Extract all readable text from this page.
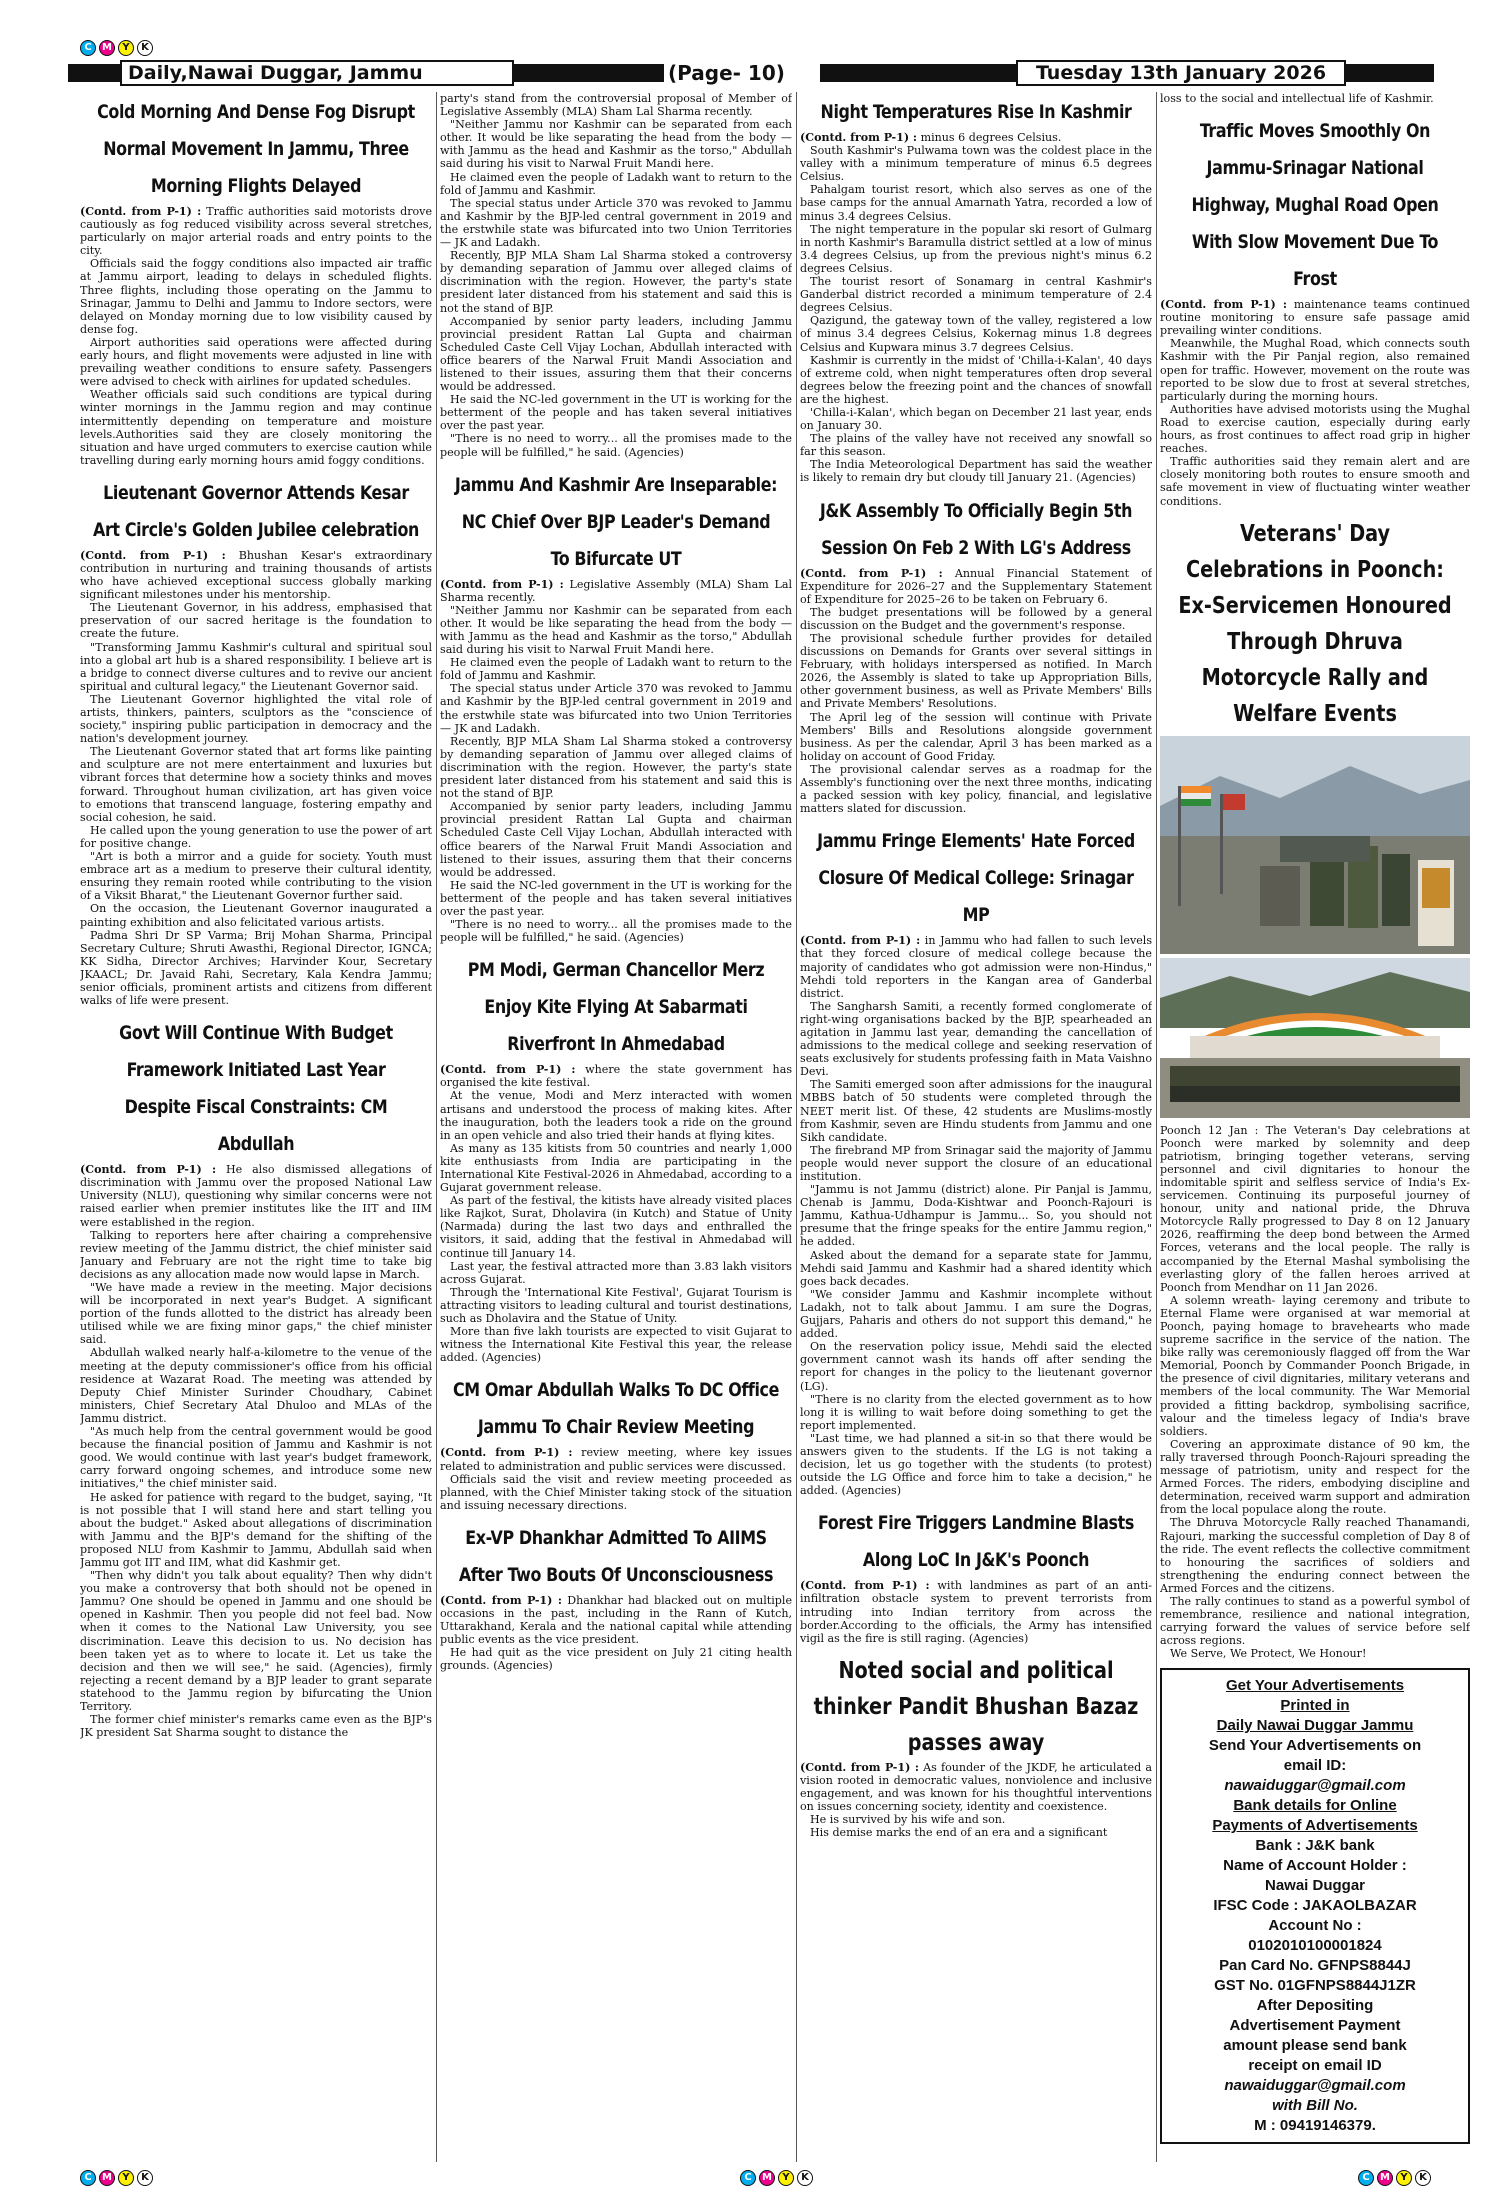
Daily,Nawai Duggar, Jammu	(Page- 10)	Tuesday 13th January 2026
C	M	Y	K
Cold Morning And Dense Fog Disrupt Normal Movement In Jammu, Three Morning Flights Delayed

(Contd. from P-1) : Traffic authorities said motorists drove cautiously as fog reduced visibility across several stretches, particularly on major arterial roads and entry points to the city.

Officials said the foggy conditions also impacted air traffic at Jammu airport, leading to delays in scheduled flights. Three flights, including those operating on the Jammu to Srinagar, Jammu to Delhi and Jammu to Indore sectors, were delayed on Monday morning due to low visibility caused by dense fog.

Airport authorities said operations were affected during early hours, and flight movements were adjusted in line with prevailing weather conditions to ensure safety. Passengers were advised to check with airlines for updated schedules.

Weather officials said such conditions are typical during winter mornings in the Jammu region and may continue intermittently depending on temperature and moisture levels.Authorities said they are closely monitoring the situation and have urged commuters to exercise caution while travelling during early morning hours amid foggy conditions.

Lieutenant Governor Attends Kesar Art Circle's Golden Jubilee celebration

(Contd. from P-1) : Bhushan Kesar's extraordinary contribution in nurturing and training thousands of artists who have achieved exceptional success globally marking significant milestones under his mentorship.

The Lieutenant Governor, in his address, emphasised that preservation of our sacred heritage is the foundation to create the future.

"Transforming Jammu Kashmir's cultural and spiritual soul into a global art hub is a shared responsibility. I believe art is a bridge to connect diverse cultures and to revive our ancient spiritual and cultural legacy," the Lieutenant Governor said.

The Lieutenant Governor highlighted the vital role of artists, thinkers, painters, sculptors as the "conscience of society," inspiring public participation in democracy and the nation's development journey.

The Lieutenant Governor stated that art forms like painting and sculpture are not mere entertainment and luxuries but vibrant forces that determine how a society thinks and moves forward. Throughout human civilization, art has given voice to emotions that transcend language, fostering empathy and social cohesion, he said.

He called upon the young generation to use the power of art for positive change.

"Art is both a mirror and a guide for society. Youth must embrace art as a medium to preserve their cultural identity, ensuring they remain rooted while contributing to the vision of a Viksit Bharat," the Lieutenant Governor further said.

On the occasion, the Lieutenant Governor inaugurated a painting exhibition and also felicitated various artists.

Padma Shri Dr SP Varma; Brij Mohan Sharma, Principal Secretary Culture; Shruti Awasthi, Regional Director, IGNCA; KK Sidha, Director Archives; Harvinder Kour, Secretary JKAACL; Dr. Javaid Rahi, Secretary, Kala Kendra Jammu; senior officials, prominent artists and citizens from different walks of life were present.

Govt Will Continue With Budget Framework Initiated Last Year Despite Fiscal Constraints: CM Abdullah

(Contd. from P-1) : He also dismissed allegations of discrimination with Jammu over the proposed National Law University (NLU), questioning why similar concerns were not raised earlier when premier institutes like the IIT and IIM were established in the region.

Talking to reporters here after chairing a comprehensive review meeting of the Jammu district, the chief minister said January and February are not the right time to take big decisions as any allocation made now would lapse in March.

"We have made a review in the meeting. Major decisions will be incorporated in next year's Budget. A significant portion of the funds allotted to the district has already been utilised while we are fixing minor gaps," the chief minister said.

Abdullah walked nearly half-a-kilometre to the venue of the meeting at the deputy commissioner's office from his official residence at Wazarat Road. The meeting was attended by Deputy Chief Minister Surinder Choudhary, Cabinet ministers, Chief Secretary Atal Dhuloo and MLAs of the Jammu district.

"As much help from the central government would be good because the financial position of Jammu and Kashmir is not good. We would continue with last year's budget framework, carry forward ongoing schemes, and introduce some new initiatives," the chief minister said.

He asked for patience with regard to the budget, saying, "It is not possible that I will stand here and start telling you about the budget." Asked about allegations of discrimination with Jammu and the BJP's demand for the shifting of the proposed NLU from Kashmir to Jammu, Abdullah said when Jammu got IIT and IIM, what did Kashmir get.

"Then why didn't you talk about equality? Then why didn't you make a controversy that both should not be opened in Jammu? One should be opened in Jammu and one should be opened in Kashmir. Then you people did not feel bad. Now when it comes to the National Law University, you see discrimination. Leave this decision to us. No decision has been taken yet as to where to locate it. Let us take the decision and then we will see," he said. (Agencies), firmly rejecting a recent demand by a BJP leader to grant separate statehood to the Jammu region by bifurcating the Union Territory.

The former chief minister's remarks came even as the BJP's JK president Sat Sharma sought to distance the

party's stand from the controversial proposal of Member of Legislative Assembly (MLA) Sham Lal Sharma recently.

"Neither Jammu nor Kashmir can be separated from each other. It would be like separating the head from the body — with Jammu as the head and Kashmir as the torso," Abdullah said during his visit to Narwal Fruit Mandi here.

He claimed even the people of Ladakh want to return to the fold of Jammu and Kashmir.

The special status under Article 370 was revoked to Jammu and Kashmir by the BJP-led central government in 2019 and the erstwhile state was bifurcated into two Union Territories — JK and Ladakh.

Recently, BJP MLA Sham Lal Sharma stoked a controversy by demanding separation of Jammu over alleged claims of discrimination with the region. However, the party's state president later distanced from his statement and said this is not the stand of BJP.

Accompanied by senior party leaders, including Jammu provincial president Rattan Lal Gupta and chairman Scheduled Caste Cell Vijay Lochan, Abdullah interacted with office bearers of the Narwal Fruit Mandi Association and listened to their issues, assuring them that their concerns would be addressed.

He said the NC-led government in the UT is working for the betterment of the people and has taken several initiatives over the past year.

"There is no need to worry... all the promises made to the people will be fulfilled," he said. (Agencies)

Jammu And Kashmir Are Inseparable: NC Chief Over BJP Leader's Demand To Bifurcate UT

(Contd. from P-1) : Legislative Assembly (MLA) Sham Lal Sharma recently.

"Neither Jammu nor Kashmir can be separated from each other. It would be like separating the head from the body — with Jammu as the head and Kashmir as the torso," Abdullah said during his visit to Narwal Fruit Mandi here.

He claimed even the people of Ladakh want to return to the fold of Jammu and Kashmir.

The special status under Article 370 was revoked to Jammu and Kashmir by the BJP-led central government in 2019 and the erstwhile state was bifurcated into two Union Territories — JK and Ladakh.

Recently, BJP MLA Sham Lal Sharma stoked a controversy by demanding separation of Jammu over alleged claims of discrimination with the region. However, the party's state president later distanced from his statement and said this is not the stand of BJP.

Accompanied by senior party leaders, including Jammu provincial president Rattan Lal Gupta and chairman Scheduled Caste Cell Vijay Lochan, Abdullah interacted with office bearers of the Narwal Fruit Mandi Association and listened to their issues, assuring them that their concerns would be addressed.

He said the NC-led government in the UT is working for the betterment of the people and has taken several initiatives over the past year.

"There is no need to worry... all the promises made to the people will be fulfilled," he said. (Agencies)

PM Modi, German Chancellor Merz Enjoy Kite Flying At Sabarmati Riverfront In Ahmedabad

(Contd. from P-1) : where the state government has organised the kite festival.

At the venue, Modi and Merz interacted with women artisans and understood the process of making kites. After the inauguration, both the leaders took a ride on the ground in an open vehicle and also tried their hands at flying kites.

As many as 135 kitists from 50 countries and nearly 1,000 kite enthusiasts from India are participating in the International Kite Festival-2026 in Ahmedabad, according to a Gujarat government release.

As part of the festival, the kitists have already visited places like Rajkot, Surat, Dholavira (in Kutch) and Statue of Unity (Narmada) during the last two days and enthralled the visitors, it said, adding that the festival in Ahmedabad will continue till January 14.

Last year, the festival attracted more than 3.83 lakh visitors across Gujarat.

Through the 'International Kite Festival', Gujarat Tourism is attracting visitors to leading cultural and tourist destinations, such as Dholavira and the Statue of Unity.

More than five lakh tourists are expected to visit Gujarat to witness the International Kite Festival this year, the release added. (Agencies)

CM Omar Abdullah Walks To DC Office Jammu To Chair Review Meeting

(Contd. from P-1) : review meeting, where key issues related to administration and public services were discussed.

Officials said the visit and review meeting proceeded as planned, with the Chief Minister taking stock of the situation and issuing necessary directions.

Ex-VP Dhankhar Admitted To AIIMS After Two Bouts Of Unconsciousness

(Contd. from P-1) : Dhankhar had blacked out on multiple occasions in the past, including in the Rann of Kutch, Uttarakhand, Kerala and the national capital while attending public events as the vice president.

He had quit as the vice president on July 21 citing health grounds. (Agencies)

Night Temperatures Rise In Kashmir

(Contd. from P-1) : minus 6 degrees Celsius.

South Kashmir's Pulwama town was the coldest place in the valley with a minimum temperature of minus 6.5 degrees Celsius.

Pahalgam tourist resort, which also serves as one of the base camps for the annual Amarnath Yatra, recorded a low of minus 3.4 degrees Celsius.

The night temperature in the popular ski resort of Gulmarg in north Kashmir's Baramulla district settled at a low of minus 3.4 degrees Celsius, up from the previous night's minus 6.2 degrees Celsius.

The tourist resort of Sonamarg in central Kashmir's Ganderbal district recorded a minimum temperature of 2.4 degrees Celsius.

Qazigund, the gateway town of the valley, registered a low of minus 3.4 degrees Celsius, Kokernag minus 1.8 degrees Celsius and Kupwara minus 3.7 degrees Celsius.

Kashmir is currently in the midst of 'Chilla-i-Kalan', 40 days of extreme cold, when night temperatures often drop several degrees below the freezing point and the chances of snowfall are the highest.

'Chilla-i-Kalan', which began on December 21 last year, ends on January 30.

The plains of the valley have not received any snowfall so far this season.

The India Meteorological Department has said the weather is likely to remain dry but cloudy till January 21. (Agencies)

J&K Assembly To Officially Begin 5th Session On Feb 2 With LG's Address

(Contd. from P-1) : Annual Financial Statement of Expenditure for 2026–27 and the Supplementary Statement of Expenditure for 2025–26 to be taken on February 6.

The budget presentations will be followed by a general discussion on the Budget and the government's response.

The provisional schedule further provides for detailed discussions on Demands for Grants over several sittings in February, with holidays interspersed as notified. In March 2026, the Assembly is slated to take up Appropriation Bills, other government business, as well as Private Members' Bills and Private Members' Resolutions.

The April leg of the session will continue with Private Members' Bills and Resolutions alongside government business. As per the calendar, April 3 has been marked as a holiday on account of Good Friday.

The provisional calendar serves as a roadmap for the Assembly's functioning over the next three months, indicating a packed session with key policy, financial, and legislative matters slated for discussion.

Jammu Fringe Elements' Hate Forced Closure Of Medical College: Srinagar MP

(Contd. from P-1) : in Jammu who had fallen to such levels that they forced closure of medical college because the majority of candidates who got admission were non-Hindus," Mehdi told reporters in the Kangan area of Ganderbal district.

The Sangharsh Samiti, a recently formed conglomerate of right-wing organisations backed by the BJP, spearheaded an agitation in Jammu last year, demanding the cancellation of admissions to the medical college and seeking reservation of seats exclusively for students professing faith in Mata Vaishno Devi.

The Samiti emerged soon after admissions for the inaugural MBBS batch of 50 students were completed through the NEET merit list. Of these, 42 students are Muslims-mostly from Kashmir, seven are Hindu students from Jammu and one Sikh candidate.

The firebrand MP from Srinagar said the majority of Jammu people would never support the closure of an educational institution.

"Jammu is not Jammu (district) alone. Pir Panjal is Jammu, Chenab is Jammu, Doda-Kishtwar and Poonch-Rajouri is Jammu, Kathua-Udhampur is Jammu... So, you should not presume that the fringe speaks for the entire Jammu region," he added.

Asked about the demand for a separate state for Jammu, Mehdi said Jammu and Kashmir had a shared identity which goes back decades.

"We consider Jammu and Kashmir incomplete without Ladakh, not to talk about Jammu. I am sure the Dogras, Gujjars, Paharis and others do not support this demand," he added.

On the reservation policy issue, Mehdi said the elected government cannot wash its hands off after sending the report for changes in the policy to the lieutenant governor (LG).

"There is no clarity from the elected government as to how long it is willing to wait before doing something to get the report implemented.

"Last time, we had planned a sit-in so that there would be answers given to the students. If the LG is not taking a decision, let us go together with the students (to protest) outside the LG Office and force him to take a decision," he added. (Agencies)

Forest Fire Triggers Landmine Blasts Along LoC In J&K's Poonch

(Contd. from P-1) : with landmines as part of an anti-infiltration obstacle system to prevent terrorists from intruding into Indian territory from across the border.According to the officials, the Army has intensified vigil as the fire is still raging. (Agencies)

Noted social and political thinker Pandit Bhushan Bazaz passes away

(Contd. from P-1) : As founder of the JKDF, he articulated a vision rooted in democratic values, nonviolence and inclusive engagement, and was known for his thoughtful interventions on issues concerning society, identity and coexistence.

He is survived by his wife and son.

His demise marks the end of an era and a significant

loss to the social and intellectual life of Kashmir.

Traffic Moves Smoothly On Jammu-Srinagar National Highway, Mughal Road Open With Slow Movement Due To Frost

(Contd. from P-1) : maintenance teams continued routine monitoring to ensure safe passage amid prevailing winter conditions.

Meanwhile, the Mughal Road, which connects south Kashmir with the Pir Panjal region, also remained open for traffic. However, movement on the route was reported to be slow due to frost at several stretches, particularly during the morning hours.

Authorities have advised motorists using the Mughal Road to exercise caution, especially during early hours, as frost continues to affect road grip in higher reaches.

Traffic authorities said they remain alert and are closely monitoring both routes to ensure smooth and safe movement in view of fluctuating winter weather conditions.

Veterans' Day Celebrations in Poonch: Ex-Servicemen Honoured Through Dhruva Motorcycle Rally and Welfare Events

Poonch 12 Jan : The Veteran's Day celebrations at Poonch were marked by solemnity and deep patriotism, bringing together veterans, serving personnel and civil dignitaries to honour the indomitable spirit and selfless service of India's Ex-servicemen. Continuing its purposeful journey of honour, unity and national pride, the Dhruva Motorcycle Rally progressed to Day 8 on 12 January 2026, reaffirming the deep bond between the Armed Forces, veterans and the local people. The rally is accompanied by the Eternal Mashal symbolising the everlasting glory of the fallen heroes arrived at Poonch from Mendhar on 11 Jan 2026.

A solemn wreath- laying ceremony and tribute to Eternal Flame were organised at war memorial at Poonch, paying homage to bravehearts who made supreme sacrifice in the service of the nation. The bike rally was ceremoniously flagged off from the War Memorial, Poonch by Commander Poonch Brigade, in the presence of civil dignitaries, military veterans and members of the local community. The War Memorial provided a fitting backdrop, symbolising sacrifice, valour and the timeless legacy of India's brave soldiers.

Covering an approximate distance of 90 km, the rally traversed through Poonch-Rajouri spreading the message of patriotism, unity and respect for the Armed Forces. The riders, embodying discipline and determination, received warm support and admiration from the local populace along the route.

The Dhruva Motorcycle Rally reached Thanamandi, Rajouri, marking the successful completion of Day 8 of the ride. The event reflects the collective commitment to honouring the sacrifices of soldiers and strengthening the enduring connect between the Armed Forces and the citizens.

The rally continues to stand as a powerful symbol of remembrance, resilience and national integration, carrying forward the values of service before self across regions.

We Serve, We Protect, We Honour!

Get Your Advertisements
Printed in
Daily Nawai Duggar Jammu
Send Your Advertisements on
email ID:
nawaiduggar@gmail.com
Bank details for Online
Payments of Advertisements
Bank : J&K bank
Name of Account Holder :
Nawai Duggar
IFSC Code : JAKAOLBAZAR
Account No :
0102010100001824
Pan Card No. GFNPS8844J
GST No. 01GFNPS8844J1ZR
After Depositing
Advertisement Payment
amount please send bank
receipt on email ID
nawaiduggar@gmail.com
with Bill No.
M : 09419146379.
C	M	Y	K	C	M	Y	K	C	M	Y	K
